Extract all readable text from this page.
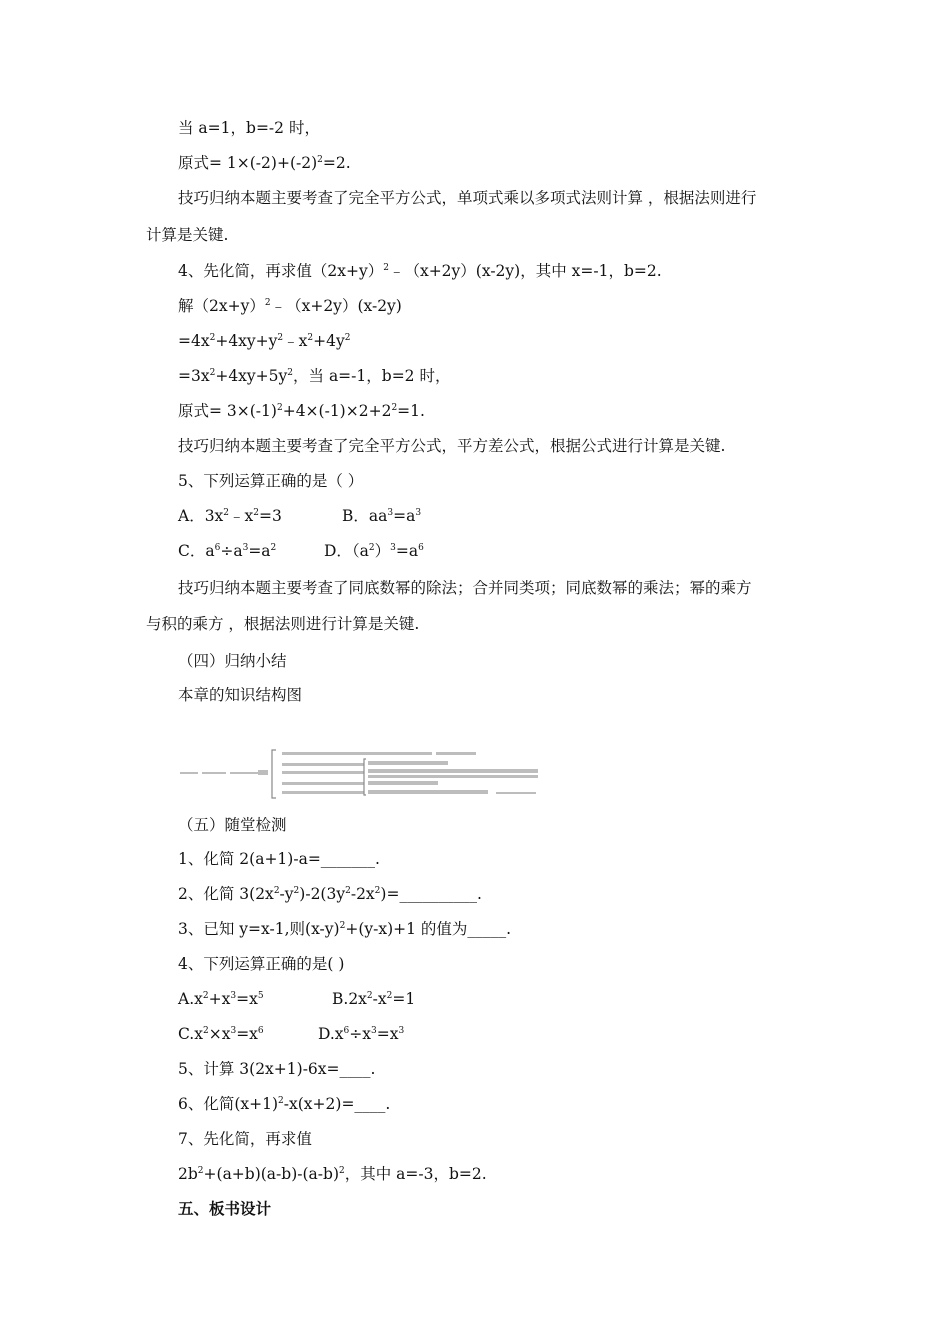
当 a=1，b=-2 时，
原式= $1\times(-2)+(-2)^2=2$.
技巧归纳本题主要考查了完全平方公式，单项式乘以多项式法则计算 ，根据法则进行
计算是关键.
4、先化简，再求值$(2x+y)^2﹣(x+2y)(x-2y)$，其中 x=-1，b=2.
解$(2x+y)^2﹣(x+2y)(x-2y)$
$=4x^2+4xy+y^2﹣x^2+4y^2$
$=3x^2+4xy+5y^2$，当 a=-1，b=2 时，
原式= $3\times(-1)^2+4\times(-1)\times 2+2^2=1$.
技巧归纳本题主要考查了完全平方公式，平方差公式，根据公式进行计算是关键.
5、下列运算正确的是（ ）
A．$3x^2﹣x^2=3$	B．$aa^3=a^3$
C．$a^6\div a^3=a^2$	D．$(a^2)^3=a^6$
技巧归纳本题主要考查了同底数幂的除法；合并同类项；同底数幂的乘法；幂的乘方
与积的乘方 ，根据法则进行计算是关键.
（四）归纳小结
本章的知识结构图
（五）随堂检测
1、化简 2(a+1)-a=_______.
2、化简 $3(2x^2-y^2)-2(3y^2-2x^2)=\_\_\_\_\_\_\_\_\_\_$.
3、已知 y=x-1,则$(x-y)^2+(y-x)+1$ 的值为_____.
4、下列运算正确的是( )
$A.x^2+x^3=x^5$	$B.2x^2-x^2=1$
$C.x^2\times x^3=x^6$	$D.x^6\div x^3=x^3$
5、计算 3(2x+1)-6x=____.
6、化简$(x+1)^2-x(x+2)=\_\_\_\_$.
7、先化简，再求值
$2b^2+(a+b)(a-b)-(a-b)^2$，其中 a=-3，b=2.
五、板书设计
